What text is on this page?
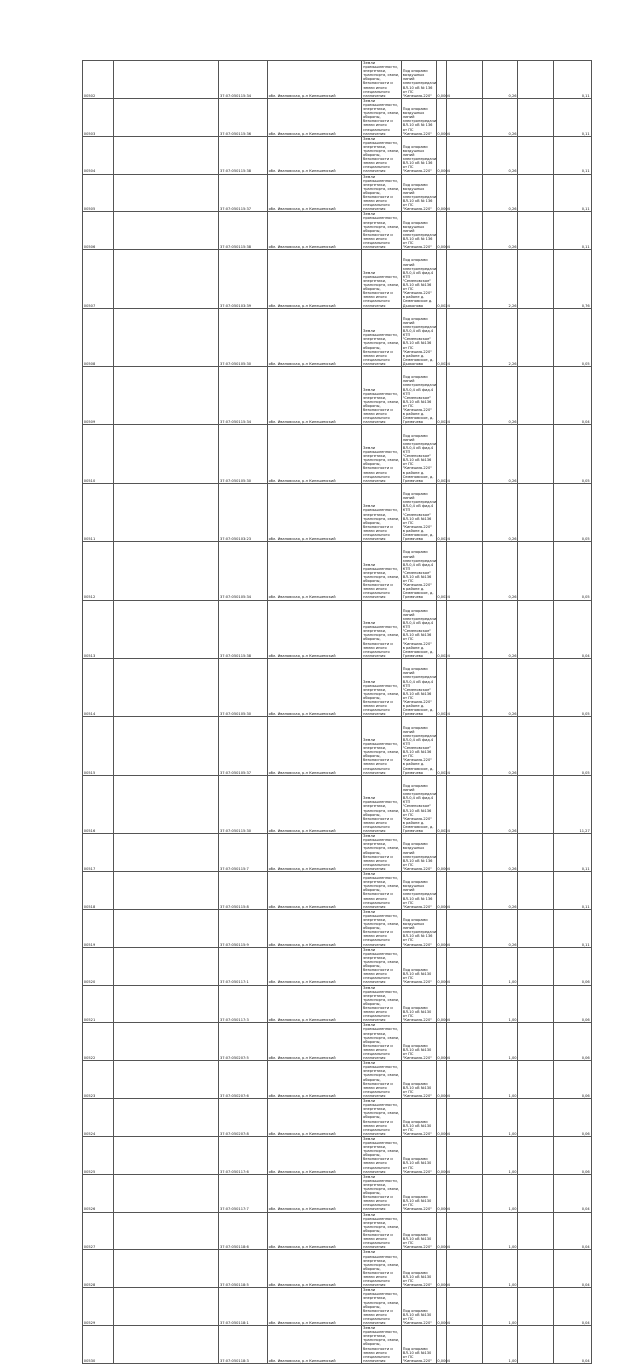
00502		37:07:050115:34	обл. Ивановская, р-н Кинешемский	Земли промышленности, энергетики, транспорта, связи, обороны, безопасности и земли иного специального назначения	Под опорами воздушных линий электропередачи ВЛ-10 кВ № 136 от ПС "Кинешма-220"	0,0004		0,26		0,11
00503		37:07:050115:36	обл. Ивановская, р-н Кинешемский	Земли промышленности, энергетики, транспорта, связи, обороны, безопасности и земли иного специального назначения	Под опорами воздушных линий электропередачи ВЛ-10 кВ № 136 от ПС "Кинешма-220"	0,0004		0,26		0,11
00504		37:07:050115:38	обл. Ивановская, р-н Кинешемский	Земли промышленности, энергетики, транспорта, связи, обороны, безопасности и земли иного специального назначения	Под опорами воздушных линий электропередачи ВЛ-10 кВ № 136 от ПС "Кинешма-220"	0,0004		0,26		0,11
00505		37:07:050115:37	обл. Ивановская, р-н Кинешемский	Земли промышленности, энергетики, транспорта, связи, обороны, безопасности и земли иного специального назначения	Под опорами воздушных линий электропередачи ВЛ-10 кВ № 136 от ПС "Кинешма-220"	0,0004		0,26		0,11
00506		37:07:050115:38	обл. Ивановская, р-н Кинешемский	Земли промышленности, энергетики, транспорта, связи, обороны, безопасности и земли иного специального назначения	Под опорами воздушных линий электропередачи ВЛ-10 кВ № 136 от ПС "Кинешма-220"	0,0004		0,26		0,11
00507		37:07:050103:39	обл. Ивановская, р-н Кинешемский	Земли промышленности, энергетики, транспорта, связи, обороны, безопасности и земли иного специального назначения	Под опорами линий электропередачи ВЛ-0,4 кВ фид.4 КТП "Семеновское" ВЛ-10 кВ №136 от ПС "Кинешма-220" в районе д. Семеновское д. Дьяконово	0,0024		2,26		0,76
00508		37:07:050105:30	обл. Ивановская, р-н Кинешемский	Земли промышленности, энергетики, транспорта, связи, обороны, безопасности и земли иного специального назначения	Под опорами линий электропередачи ВЛ-0,4 кВ фид.4 КТП "Семеновское" ВЛ-10 кВ №136 от ПС "Кинешма-220" в районе д. Семеновское, д. Дьяконово	0,0024		2,26		0,05
00509		37:07:050115:34	обл. Ивановская, р-н Кинешемский	Земли промышленности, энергетики, транспорта, связи, обороны, безопасности и земли иного специального назначения	Под опорами линий электропередачи ВЛ-0,4 кВ фид.4 КТП "Семеновское" ВЛ-10 кВ №136 от ПС "Кинешма-220" в районе д. Семеновское, д. Гремячево	0,0024		0,26		0,04
00510		37:07:050105:30	обл. Ивановская, р-н Кинешемский	Земли промышленности, энергетики, транспорта, связи, обороны, безопасности и земли иного специального назначения	Под опорами линий электропередачи ВЛ-0,4 кВ фид.4 КТП "Семеновское" ВЛ-10 кВ №136 от ПС "Кинешма-220" в районе д. Семеновское, д. Гремячево	0,0024		0,26		0,05
00511		37:07:050103:23	обл. Ивановская, р-н Кинешемский	Земли промышленности, энергетики, транспорта, связи, обороны, безопасности и земли иного специального назначения	Под опорами линий электропередачи ВЛ-0,4 кВ фид.4 КТП "Семеновское" ВЛ-10 кВ №136 от ПС "Кинешма-220" в районе д. Семеновское, д. Гремячево	0,0024		0,26		0,05
00512		37:07:050105:34	обл. Ивановская, р-н Кинешемский	Земли промышленности, энергетики, транспорта, связи, обороны, безопасности и земли иного специального назначения	Под опорами линий электропередачи ВЛ-0,4 кВ фид.4 КТП "Семеновское" ВЛ-10 кВ №136 от ПС "Кинешма-220" в районе д. Семеновское, д. Гремячево	0,0024		0,26		0,05
00513		37:07:050115:38	обл. Ивановская, р-н Кинешемский	Земли промышленности, энергетики, транспорта, связи, обороны, безопасности и земли иного специального назначения	Под опорами линий электропередачи ВЛ-0,4 кВ фид.4 КТП "Семеновское" ВЛ-10 кВ №136 от ПС "Кинешма-220" в районе д. Семеновское, д. Гремячево	0,0024		0,26		0,04
00514		37:07:050105:30	обл. Ивановская, р-н Кинешемский	Земли промышленности, энергетики, транспорта, связи, обороны, безопасности и земли иного специального назначения	Под опорами линий электропередачи ВЛ-0,4 кВ фид.4 КТП "Семеновское" ВЛ-10 кВ №136 от ПС "Кинешма-220" в районе д. Семеновское, д. Гремячево	0,0024		0,26		0,05
00515		37:07:050105:37	обл. Ивановская, р-н Кинешемский	Земли промышленности, энергетики, транспорта, связи, обороны, безопасности и земли иного специального назначения	Под опорами линий электропередачи ВЛ-0,4 кВ фид.4 КТП "Семеновское" ВЛ-10 кВ №136 от ПС "Кинешма-220" в районе д. Семеновское, д. Гремячево	0,0024		0,26		0,05
00516		37:07:050115:30	обл. Ивановская, р-н Кинешемский	Земли промышленности, энергетики, транспорта, связи, обороны, безопасности и земли иного специального назначения	Под опорами линий электропередачи ВЛ-0,4 кВ фид.4 КТП "Семеновское" ВЛ-10 кВ №136 от ПС "Кинешма-220" в районе д. Семеновское, д. Гремячево	0,0024		0,26		11,27
00517		37:07:050115:7	обл. Ивановская, р-н Кинешемский	Земли промышленности, энергетики, транспорта, связи, обороны, безопасности и земли иного специального назначения	Под опорами воздушных линий электропередачи ВЛ-10 кВ № 136 от ПС "Кинешма-220"	0,0004		0,26		0,11
00518		37:07:050115:8	обл. Ивановская, р-н Кинешемский	Земли промышленности, энергетики, транспорта, связи, обороны, безопасности и земли иного специального назначения	Под опорами воздушных линий электропередачи ВЛ-10 кВ № 136 от ПС "Кинешма-220"	0,0004		0,26		0,11
00519		37:07:050115:9	обл. Ивановская, р-н Кинешемский	Земли промышленности, энергетики, транспорта, связи, обороны, безопасности и земли иного специального назначения	Под опорами воздушных линий электропередачи ВЛ-10 кВ № 136 от ПС "Кинешма-220"	0,0004		0,26		0,11
00520		37:07:050117:1	обл. Ивановская, р-н Кинешемский	Земли промышленности, энергетики, транспорта, связи, обороны, безопасности и земли иного специального назначения	Под опорами ВЛ-10 кВ №130 от ПС "Кинешма-220"	0,0004		1,00		0,06
00521		37:07:050117:3	обл. Ивановская, р-н Кинешемский	Земли промышленности, энергетики, транспорта, связи, обороны, безопасности и земли иного специального назначения	Под опорами ВЛ-10 кВ №130 от ПС "Кинешма-220"	0,0004		1,00		0,06
00522		37:07:050207:5	обл. Ивановская, р-н Кинешемский	Земли промышленности, энергетики, транспорта, связи, обороны, безопасности и земли иного специального назначения	Под опорами ВЛ-10 кВ №130 от ПС "Кинешма-220"	0,0004		1,00		0,06
00523		37:07:050207:6	обл. Ивановская, р-н Кинешемский	Земли промышленности, энергетики, транспорта, связи, обороны, безопасности и земли иного специального назначения	Под опорами ВЛ-10 кВ №130 от ПС "Кинешма-220"	0,0004		1,00		0,06
00524		37:07:050207:8	обл. Ивановская, р-н Кинешемский	Земли промышленности, энергетики, транспорта, связи, обороны, безопасности и земли иного специального назначения	Под опорами ВЛ-10 кВ №130 от ПС "Кинешма-220"	0,0004		1,00		0,06
00525		37:07:050117:6	обл. Ивановская, р-н Кинешемский	Земли промышленности, энергетики, транспорта, связи, обороны, безопасности и земли иного специального назначения	Под опорами ВЛ-10 кВ №130 от ПС "Кинешма-220"	0,0004		1,00		0,06
00526		37:07:050117:7	обл. Ивановская, р-н Кинешемский	Земли промышленности, энергетики, транспорта, связи, обороны, безопасности и земли иного специального назначения	Под опорами ВЛ-10 кВ №130 от ПС "Кинешма-220"	0,0004		1,00		0,04
00527		37:07:050118:6	обл. Ивановская, р-н Кинешемский	Земли промышленности, энергетики, транспорта, связи, обороны, безопасности и земли иного специального назначения	Под опорами ВЛ-10 кВ №130 от ПС "Кинешма-220"	0,0004		1,00		0,04
00528		37:07:050118:5	обл. Ивановская, р-н Кинешемский	Земли промышленности, энергетики, транспорта, связи, обороны, безопасности и земли иного специального назначения	Под опорами ВЛ-10 кВ №130 от ПС "Кинешма-220"	0,0004		1,00		0,04
00529		37:07:050118:1	обл. Ивановская, р-н Кинешемский	Земли промышленности, энергетики, транспорта, связи, обороны, безопасности и земли иного специального назначения	Под опорами ВЛ-10 кВ №130 от ПС "Кинешма-220"	0,0004		1,00		0,04
00530		37:07:050118:3	обл. Ивановская, р-н Кинешемский	Земли промышленности, энергетики, транспорта, связи, обороны, безопасности и земли иного специального назначения	Под опорами ВЛ-10 кВ №130 от ПС "Кинешма-220"	0,0004		1,00		0,04
